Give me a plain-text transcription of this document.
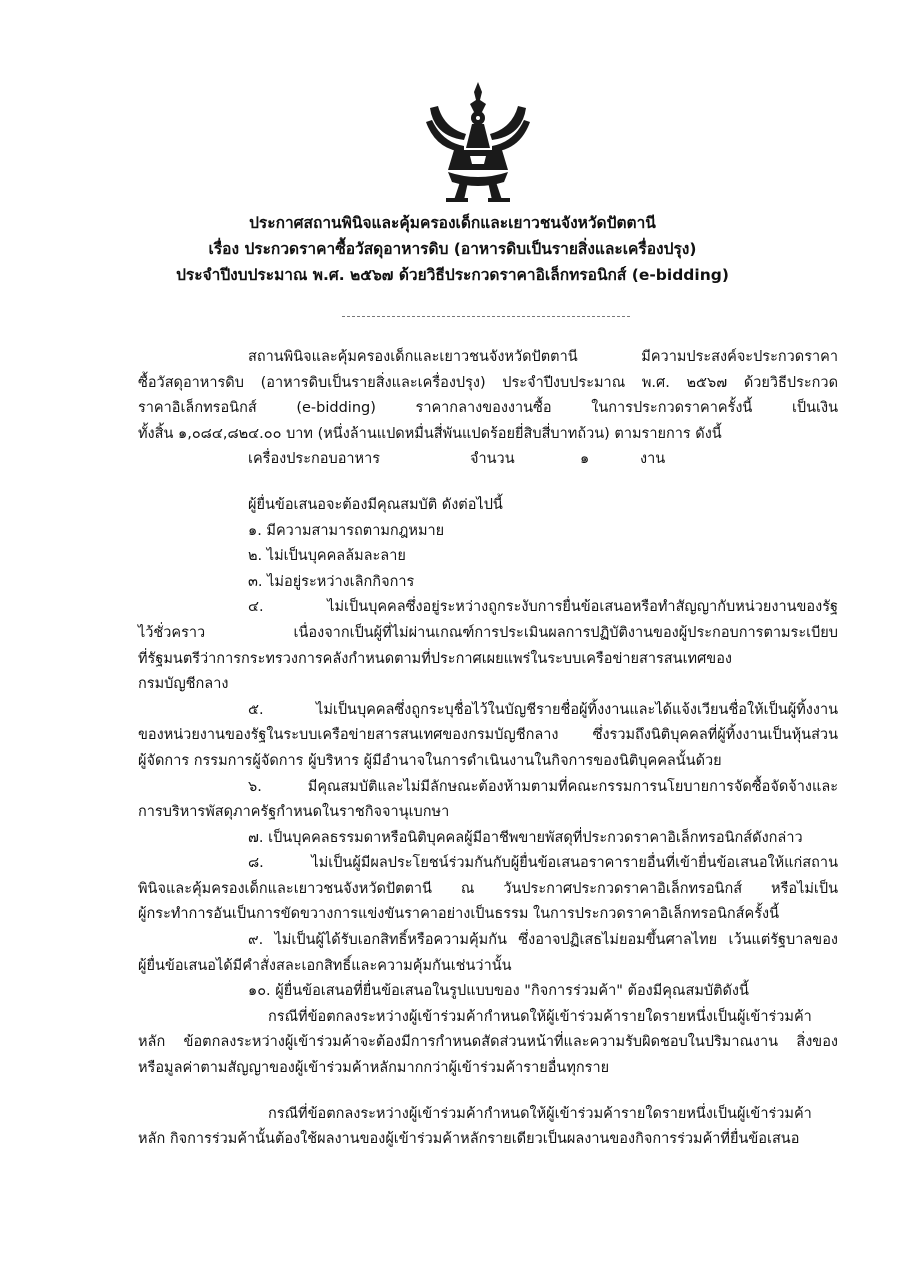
ประกาศสถานพินิจและคุ้มครองเด็กและเยาวชนจังหวัดปัตตานี
เรื่อง ประกวดราคาซื้อวัสดุอาหารดิบ (อาหารดิบเป็นรายสิ่งและเครื่องปรุง)
ประจำปีงบประมาณ พ.ศ. ๒๕๖๗ ด้วยวิธีประกวดราคาอิเล็กทรอนิกส์ (e-bidding)
สถานพินิจและคุ้มครองเด็กและเยาวชนจังหวัดปัตตานี มีความประสงค์จะประกวดราคา
ซื้อวัสดุอาหารดิบ (อาหารดิบเป็นรายสิ่งและเครื่องปรุง) ประจำปีงบประมาณ พ.ศ. ๒๕๖๗ ด้วยวิธีประกวด
ราคาอิเล็กทรอนิกส์ (e-bidding) ราคากลางของงานซื้อ ในการประกวดราคาครั้งนี้ เป็นเงิน
ทั้งสิ้น ๑,๐๘๔,๘๒๔.๐๐ บาท (หนึ่งล้านแปดหมื่นสี่พันแปดร้อยยี่สิบสี่บาทถ้วน) ตามรายการ ดังนี้
เครื่องประกอบอาหาร	จำนวน	๑	งาน
ผู้ยื่นข้อเสนอจะต้องมีคุณสมบัติ ดังต่อไปนี้
๑. มีความสามารถตามกฎหมาย
๒. ไม่เป็นบุคคลล้มละลาย
๓. ไม่อยู่ระหว่างเลิกกิจการ
๔. ไม่เป็นบุคคลซึ่งอยู่ระหว่างถูกระงับการยื่นข้อเสนอหรือทำสัญญากับหน่วยงานของรัฐ
ไว้ชั่วคราว เนื่องจากเป็นผู้ที่ไม่ผ่านเกณฑ์การประเมินผลการปฏิบัติงานของผู้ประกอบการตามระเบียบ
ที่รัฐมนตรีว่าการกระทรวงการคลังกำหนดตามที่ประกาศเผยแพร่ในระบบเครือข่ายสารสนเทศของ
กรมบัญชีกลาง
๕. ไม่เป็นบุคคลซึ่งถูกระบุชื่อไว้ในบัญชีรายชื่อผู้ทิ้งงานและได้แจ้งเวียนชื่อให้เป็นผู้ทิ้งงาน
ของหน่วยงานของรัฐในระบบเครือข่ายสารสนเทศของกรมบัญชีกลาง ซึ่งรวมถึงนิติบุคคลที่ผู้ทิ้งงานเป็นหุ้นส่วน
ผู้จัดการ กรรมการผู้จัดการ ผู้บริหาร ผู้มีอำนาจในการดำเนินงานในกิจการของนิติบุคคลนั้นด้วย
๖. มีคุณสมบัติและไม่มีลักษณะต้องห้ามตามที่คณะกรรมการนโยบายการจัดซื้อจัดจ้างและ
การบริหารพัสดุภาครัฐกำหนดในราชกิจจานุเบกษา
๗. เป็นบุคคลธรรมดาหรือนิติบุคคลผู้มีอาชีพขายพัสดุที่ประกวดราคาอิเล็กทรอนิกส์ดังกล่าว
๘. ไม่เป็นผู้มีผลประโยชน์ร่วมกันกับผู้ยื่นข้อเสนอราคารายอื่นที่เข้ายื่นข้อเสนอให้แก่สถาน
พินิจและคุ้มครองเด็กและเยาวชนจังหวัดปัตตานี ณ วันประกาศประกวดราคาอิเล็กทรอนิกส์ หรือไม่เป็น
ผู้กระทำการอันเป็นการขัดขวางการแข่งขันราคาอย่างเป็นธรรม ในการประกวดราคาอิเล็กทรอนิกส์ครั้งนี้
๙. ไม่เป็นผู้ได้รับเอกสิทธิ์หรือความคุ้มกัน ซึ่งอาจปฏิเสธไม่ยอมขึ้นศาลไทย เว้นแต่รัฐบาลของ
ผู้ยื่นข้อเสนอได้มีคำสั่งสละเอกสิทธิ์และความคุ้มกันเช่นว่านั้น
๑๐. ผู้ยื่นข้อเสนอที่ยื่นข้อเสนอในรูปแบบของ "กิจการร่วมค้า" ต้องมีคุณสมบัติดังนี้
กรณีที่ข้อตกลงระหว่างผู้เข้าร่วมค้ากำหนดให้ผู้เข้าร่วมค้ารายใดรายหนึ่งเป็นผู้เข้าร่วมค้า
หลัก ข้อตกลงระหว่างผู้เข้าร่วมค้าจะต้องมีการกำหนดสัดส่วนหน้าที่และความรับผิดชอบในปริมาณงาน สิ่งของ
หรือมูลค่าตามสัญญาของผู้เข้าร่วมค้าหลักมากกว่าผู้เข้าร่วมค้ารายอื่นทุกราย
กรณีที่ข้อตกลงระหว่างผู้เข้าร่วมค้ากำหนดให้ผู้เข้าร่วมค้ารายใดรายหนึ่งเป็นผู้เข้าร่วมค้า
หลัก กิจการร่วมค้านั้นต้องใช้ผลงานของผู้เข้าร่วมค้าหลักรายเดียวเป็นผลงานของกิจการร่วมค้าที่ยื่นข้อเสนอ
